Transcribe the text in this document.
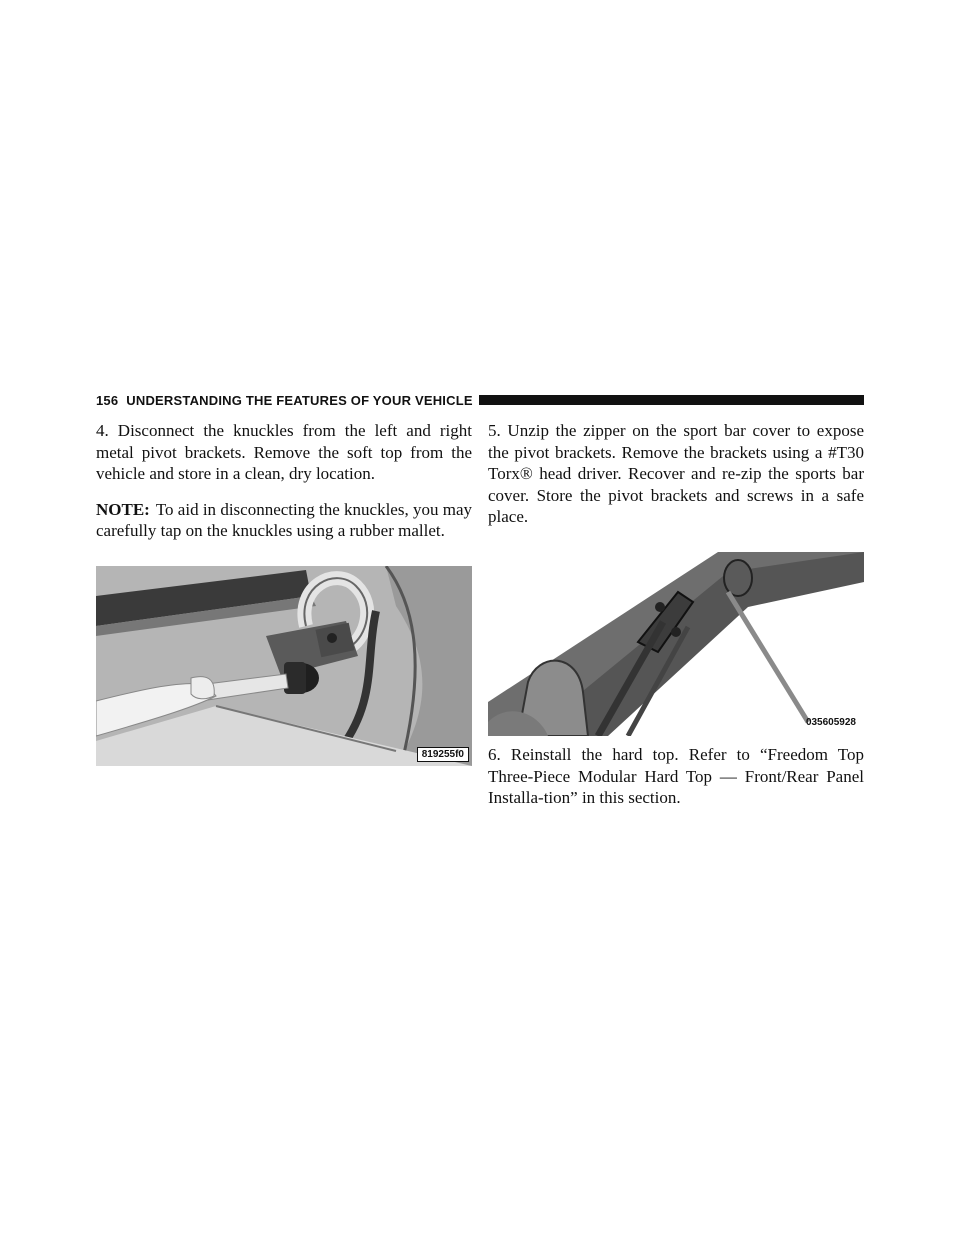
156 UNDERSTANDING THE FEATURES OF YOUR VEHICLE

4. Disconnect the knuckles from the left and right metal pivot brackets. Remove the soft top from the vehicle and store in a clean, dry location.

NOTE: To aid in disconnecting the knuckles, you may carefully tap on the knuckles using a rubber mallet.

819255f0

5. Unzip the zipper on the sport bar cover to expose the pivot brackets. Remove the brackets using a #T30 Torx® head driver. Recover and re-zip the sports bar cover. Store the pivot brackets and screws in a safe place.

035605928

6. Reinstall the hard top. Refer to “Freedom Top Three-Piece Modular Hard Top — Front/Rear Panel Installa-tion” in this section.
